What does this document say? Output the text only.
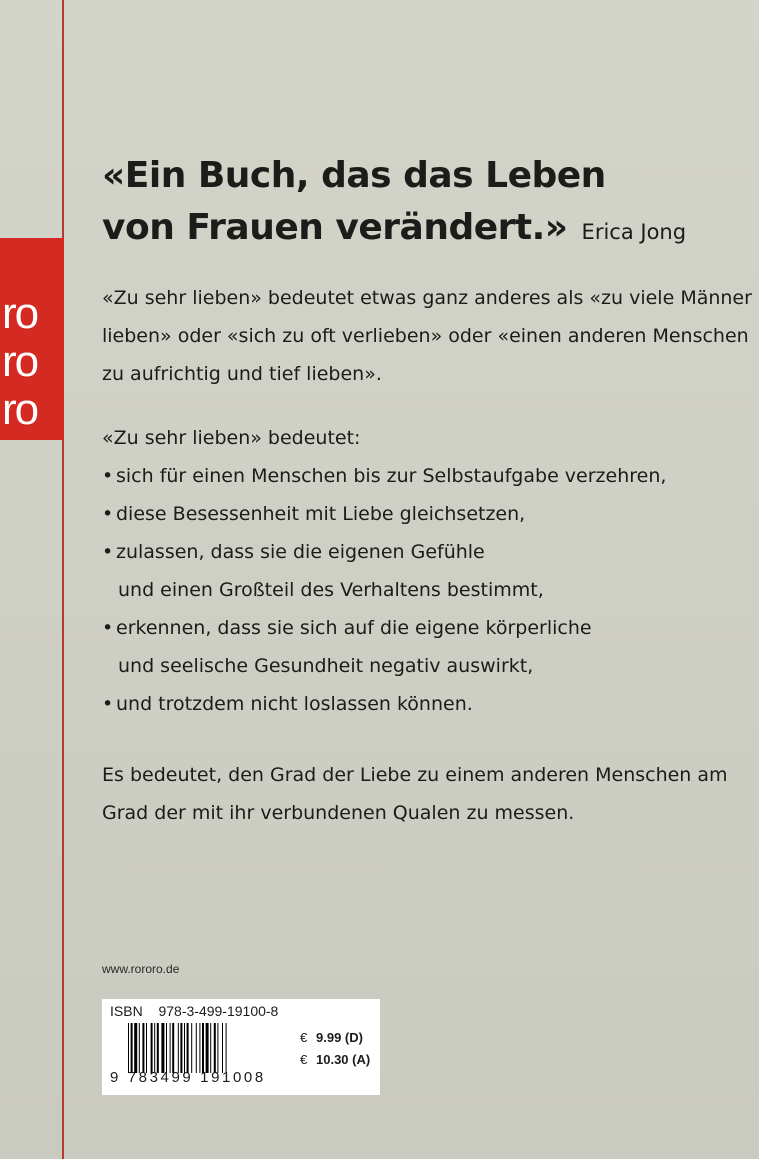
ro
ro
ro
«Ein Buch, das das Leben
von Frauen verändert.» Erica Jong

«Zu sehr lieben» bedeutet etwas ganz anderes als «zu viele Männer

lieben» oder «sich zu oft verlieben» oder «einen anderen Menschen

zu aufrichtig und tief lieben».

«Zu sehr lieben» bedeutet:

• sich für einen Menschen bis zur Selbstaufgabe verzehren,

• diese Besessenheit mit Liebe gleichsetzen,

• zulassen, dass sie die eigenen Gefühle

und einen Großteil des Verhaltens bestimmt,

• erkennen, dass sie sich auf die eigene körperliche

und seelische Gesundheit negativ auswirkt,

• und trotzdem nicht loslassen können.

Es bedeutet, den Grad der Liebe zu einem anderen Menschen am

Grad der mit ihr verbundenen Qualen zu messen.

www.rororo.de
ISBN 978-3-499-19100-8
9 783499 191008
€ 9.99 (D)
€ 10.30 (A)
